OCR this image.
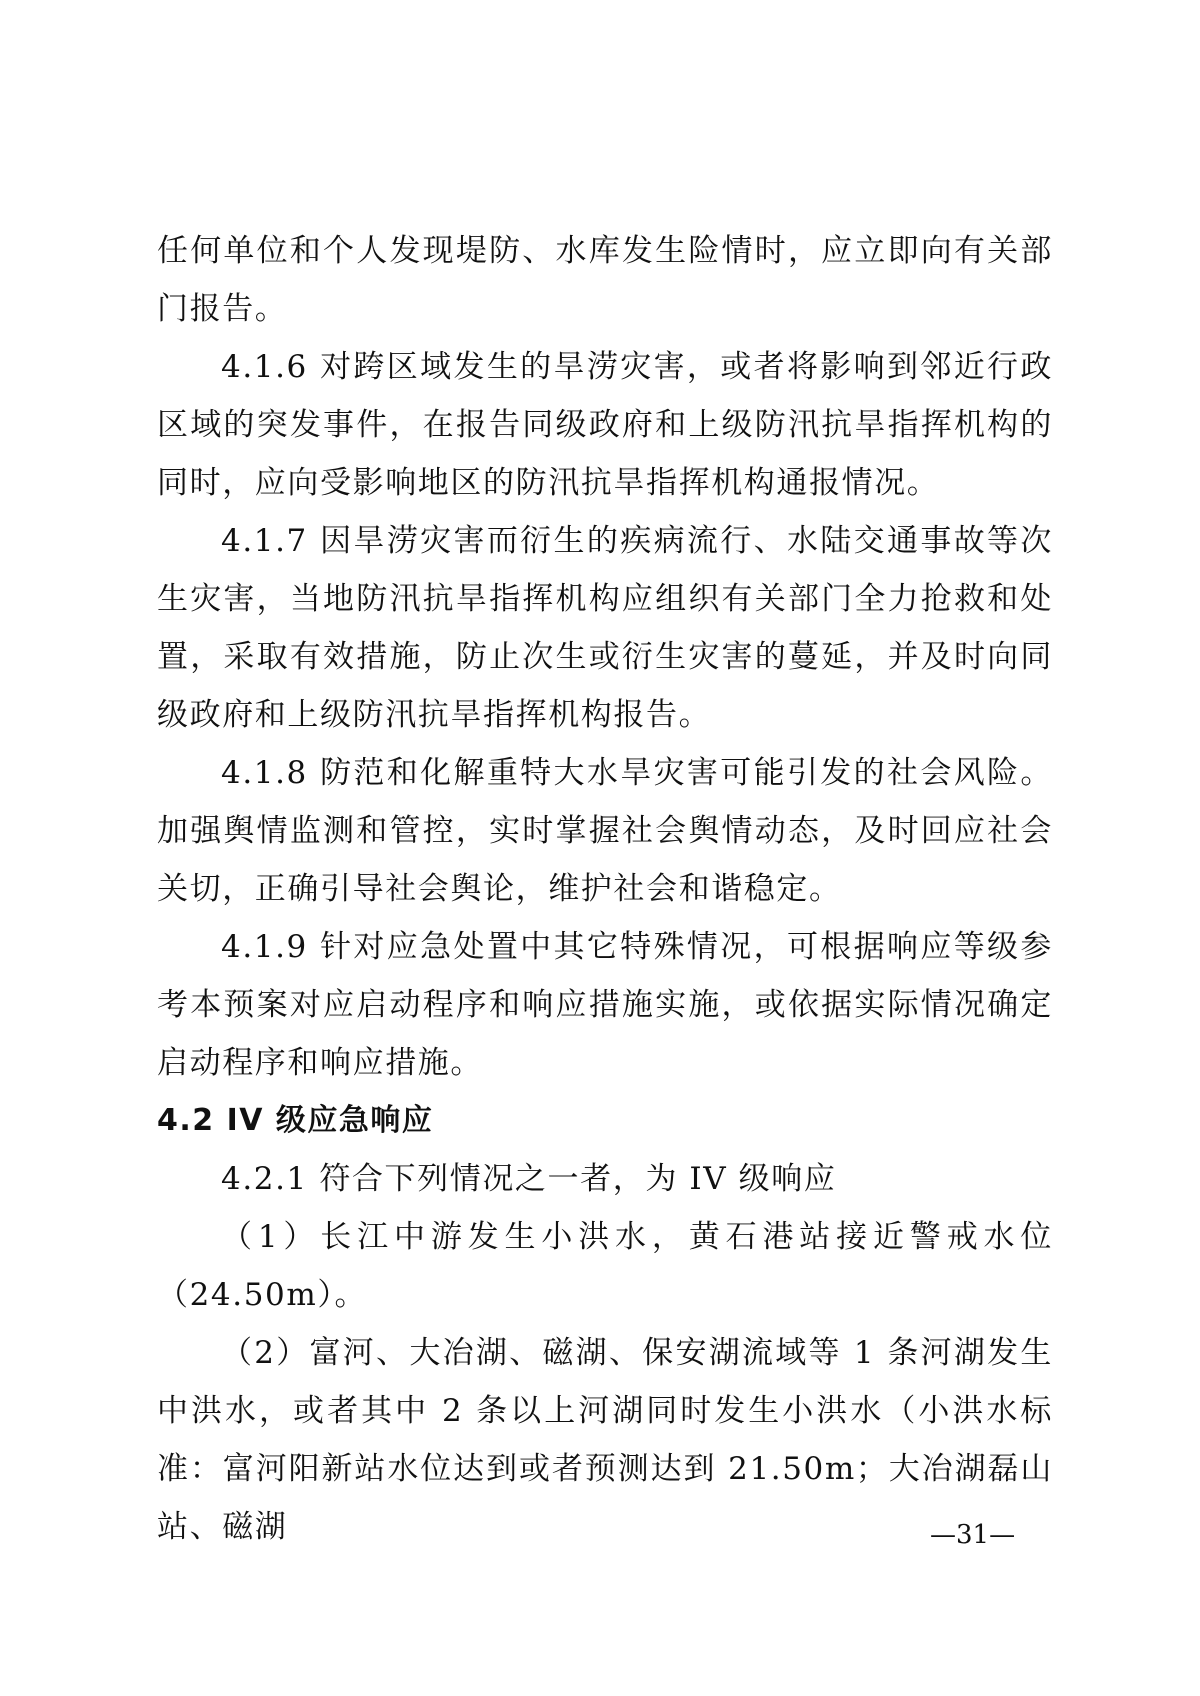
任何单位和个人发现堤防、水库发生险情时，应立即向有关部门报告。

4.1.6 对跨区域发生的旱涝灾害，或者将影响到邻近行政区域的突发事件，在报告同级政府和上级防汛抗旱指挥机构的同时，应向受影响地区的防汛抗旱指挥机构通报情况。

4.1.7 因旱涝灾害而衍生的疾病流行、水陆交通事故等次生灾害，当地防汛抗旱指挥机构应组织有关部门全力抢救和处置，采取有效措施，防止次生或衍生灾害的蔓延，并及时向同级政府和上级防汛抗旱指挥机构报告。

4.1.8 防范和化解重特大水旱灾害可能引发的社会风险。加强舆情监测和管控，实时掌握社会舆情动态，及时回应社会关切，正确引导社会舆论，维护社会和谐稳定。

4.1.9 针对应急处置中其它特殊情况，可根据响应等级参考本预案对应启动程序和响应措施实施，或依据实际情况确定启动程序和响应措施。

4.2 IV 级应急响应

4.2.1 符合下列情况之一者，为 IV 级响应

（1）长江中游发生小洪水，黄石港站接近警戒水位（24.50m）。

（2）富河、大冶湖、磁湖、保安湖流域等 1 条河湖发生中洪水，或者其中 2 条以上河湖同时发生小洪水（小洪水标准：富河阳新站水位达到或者预测达到 21.50m；大冶湖磊山站、磁湖	—31—
